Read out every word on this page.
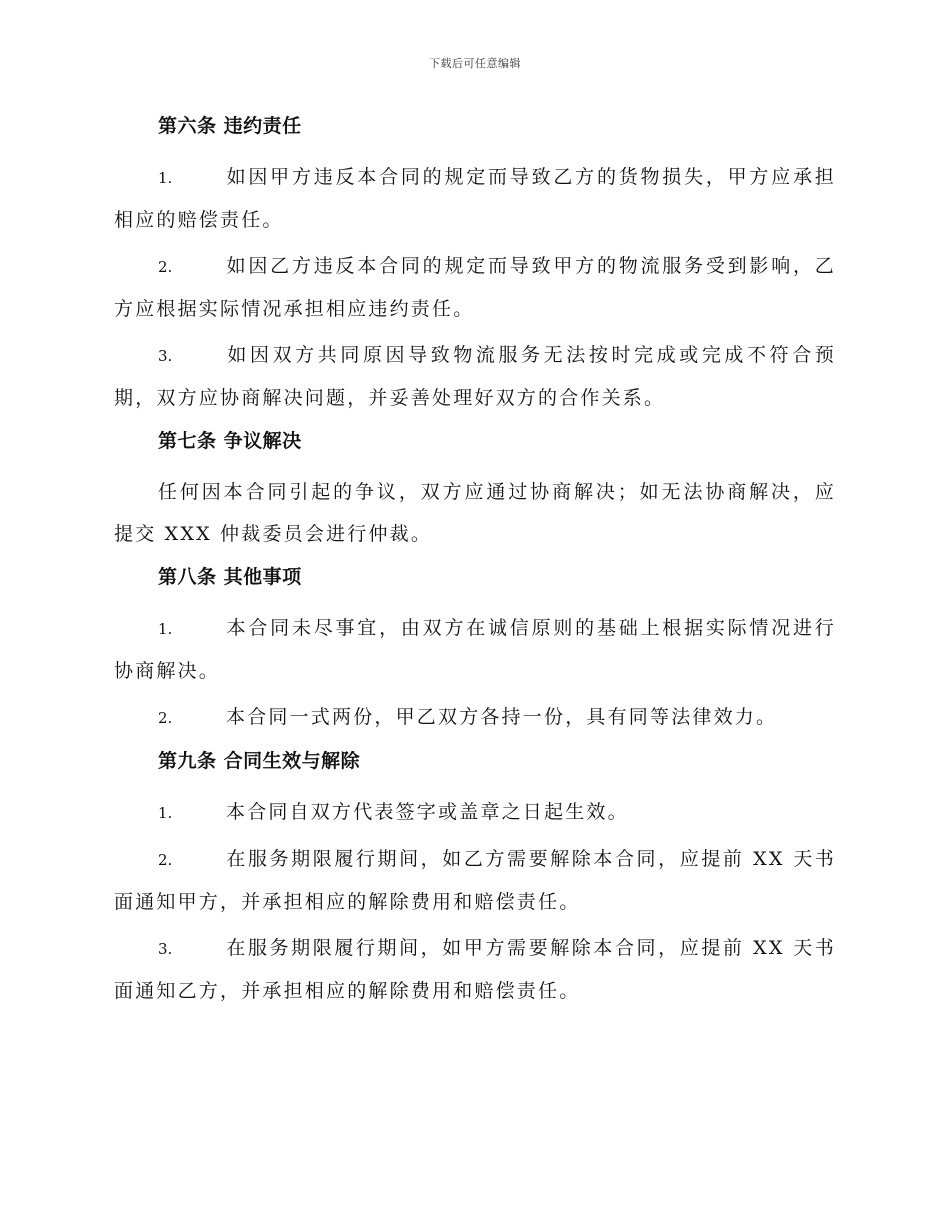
下载后可任意编辑
第六条 违约责任

1.	如因甲方违反本合同的规定而导致乙方的货物损失，甲方应承担相应的赔偿责任。

2.	如因乙方违反本合同的规定而导致甲方的物流服务受到影响，乙方应根据实际情况承担相应违约责任。

3.	如因双方共同原因导致物流服务无法按时完成或完成不符合预期，双方应协商解决问题，并妥善处理好双方的合作关系。

第七条 争议解决

任何因本合同引起的争议，双方应通过协商解决；如无法协商解决，应提交 XXX 仲裁委员会进行仲裁。

第八条 其他事项

1.	本合同未尽事宜，由双方在诚信原则的基础上根据实际情况进行协商解决。

2.	本合同一式两份，甲乙双方各持一份，具有同等法律效力。

第九条 合同生效与解除

1.	本合同自双方代表签字或盖章之日起生效。

2.	在服务期限履行期间，如乙方需要解除本合同，应提前 XX 天书面通知甲方，并承担相应的解除费用和赔偿责任。

3.	在服务期限履行期间，如甲方需要解除本合同，应提前 XX 天书面通知乙方，并承担相应的解除费用和赔偿责任。
